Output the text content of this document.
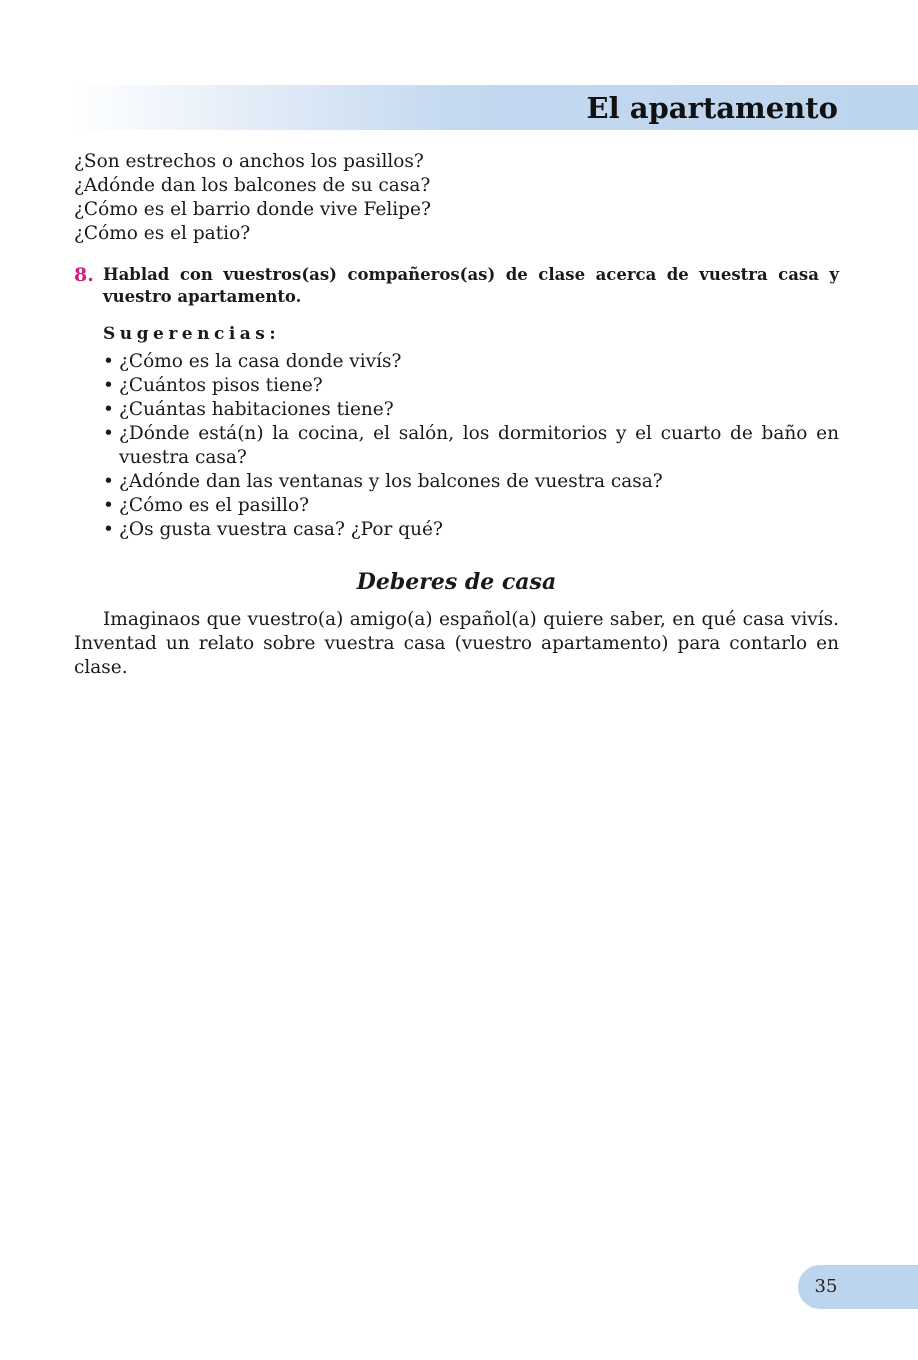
El apartamento

¿Son estrechos o anchos los pasillos?

¿Adónde dan los balcones de su casa?

¿Cómo es el barrio donde vive Felipe?

¿Cómo es el patio?

8. Hablad con vuestros(as) compañeros(as) de clase acerca de vuestra casa y vuestro apartamento.

Sugerencias:

• ¿Cómo es la casa donde vivís?
• ¿Cuántos pisos tiene?
• ¿Cuántas habitaciones tiene?
• ¿Dónde está(n) la cocina, el salón, los dormitorios y el cuarto de baño en vuestra casa?
• ¿Adónde dan las ventanas y los balcones de vuestra casa?
• ¿Cómo es el pasillo?
• ¿Os gusta vuestra casa? ¿Por qué?
Deberes de casa

Imaginaos que vuestro(a) amigo(a) español(a) quiere saber, en qué casa vivís. Inventad un relato sobre vuestra casa (vuestro apartamento) para contarlo en clase.

35
